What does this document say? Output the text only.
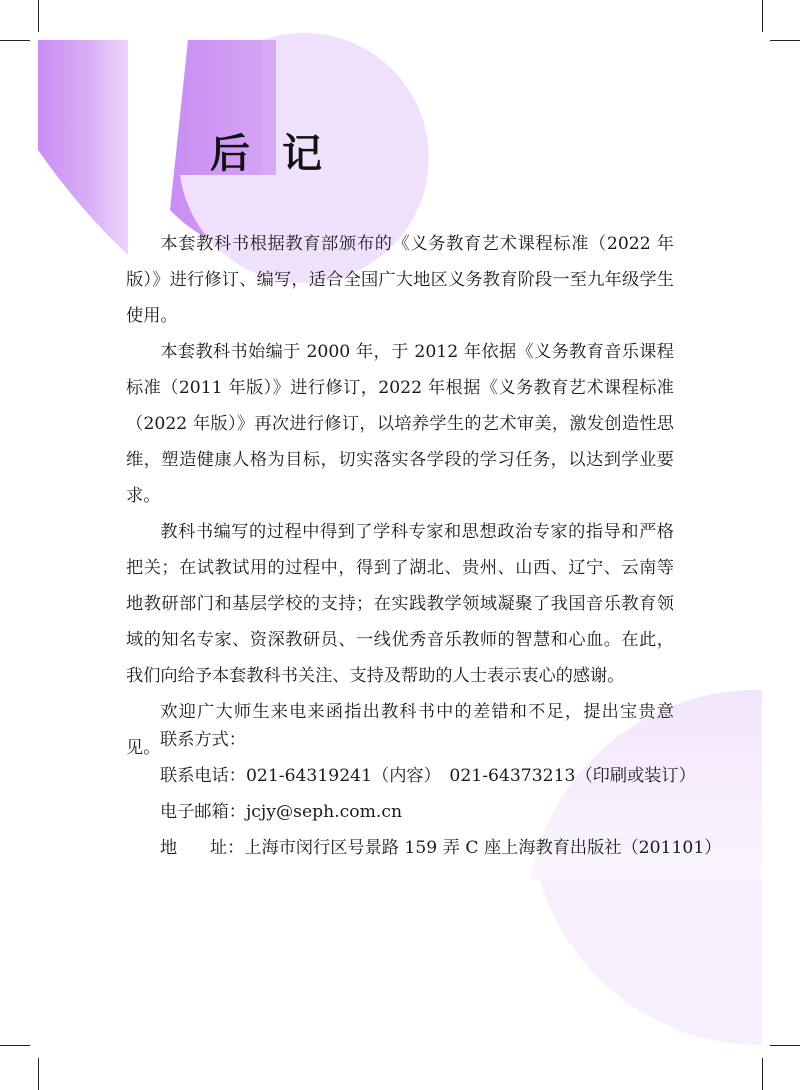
后记

本套教科书根据教育部颁布的《义务教育艺术课程标准（2022 年版）》进行修订、编写，适合全国广大地区义务教育阶段一至九年级学生使用。

本套教科书始编于 2000 年，于 2012 年依据《义务教育音乐课程标准（2011 年版）》进行修订，2022 年根据《义务教育艺术课程标准（2022 年版）》再次进行修订，以培养学生的艺术审美，激发创造性思维，塑造健康人格为目标，切实落实各学段的学习任务，以达到学业要求。

教科书编写的过程中得到了学科专家和思想政治专家的指导和严格把关；在试教试用的过程中，得到了湖北、贵州、山西、辽宁、云南等地教研部门和基层学校的支持；在实践教学领域凝聚了我国音乐教育领域的知名专家、资深教研员、一线优秀音乐教师的智慧和心血。在此，我们向给予本套教科书关注、支持及帮助的人士表示衷心的感谢。

欢迎广大师生来电来函指出教科书中的差错和不足，提出宝贵意见。 联系方式：
联系电话：021-64319241（内容）　021-64373213（印刷或装订）
电子邮箱：jcjy@seph.com.cn
地 址：上海市闵行区号景路 159 弄 C 座上海教育出版社（201101）
